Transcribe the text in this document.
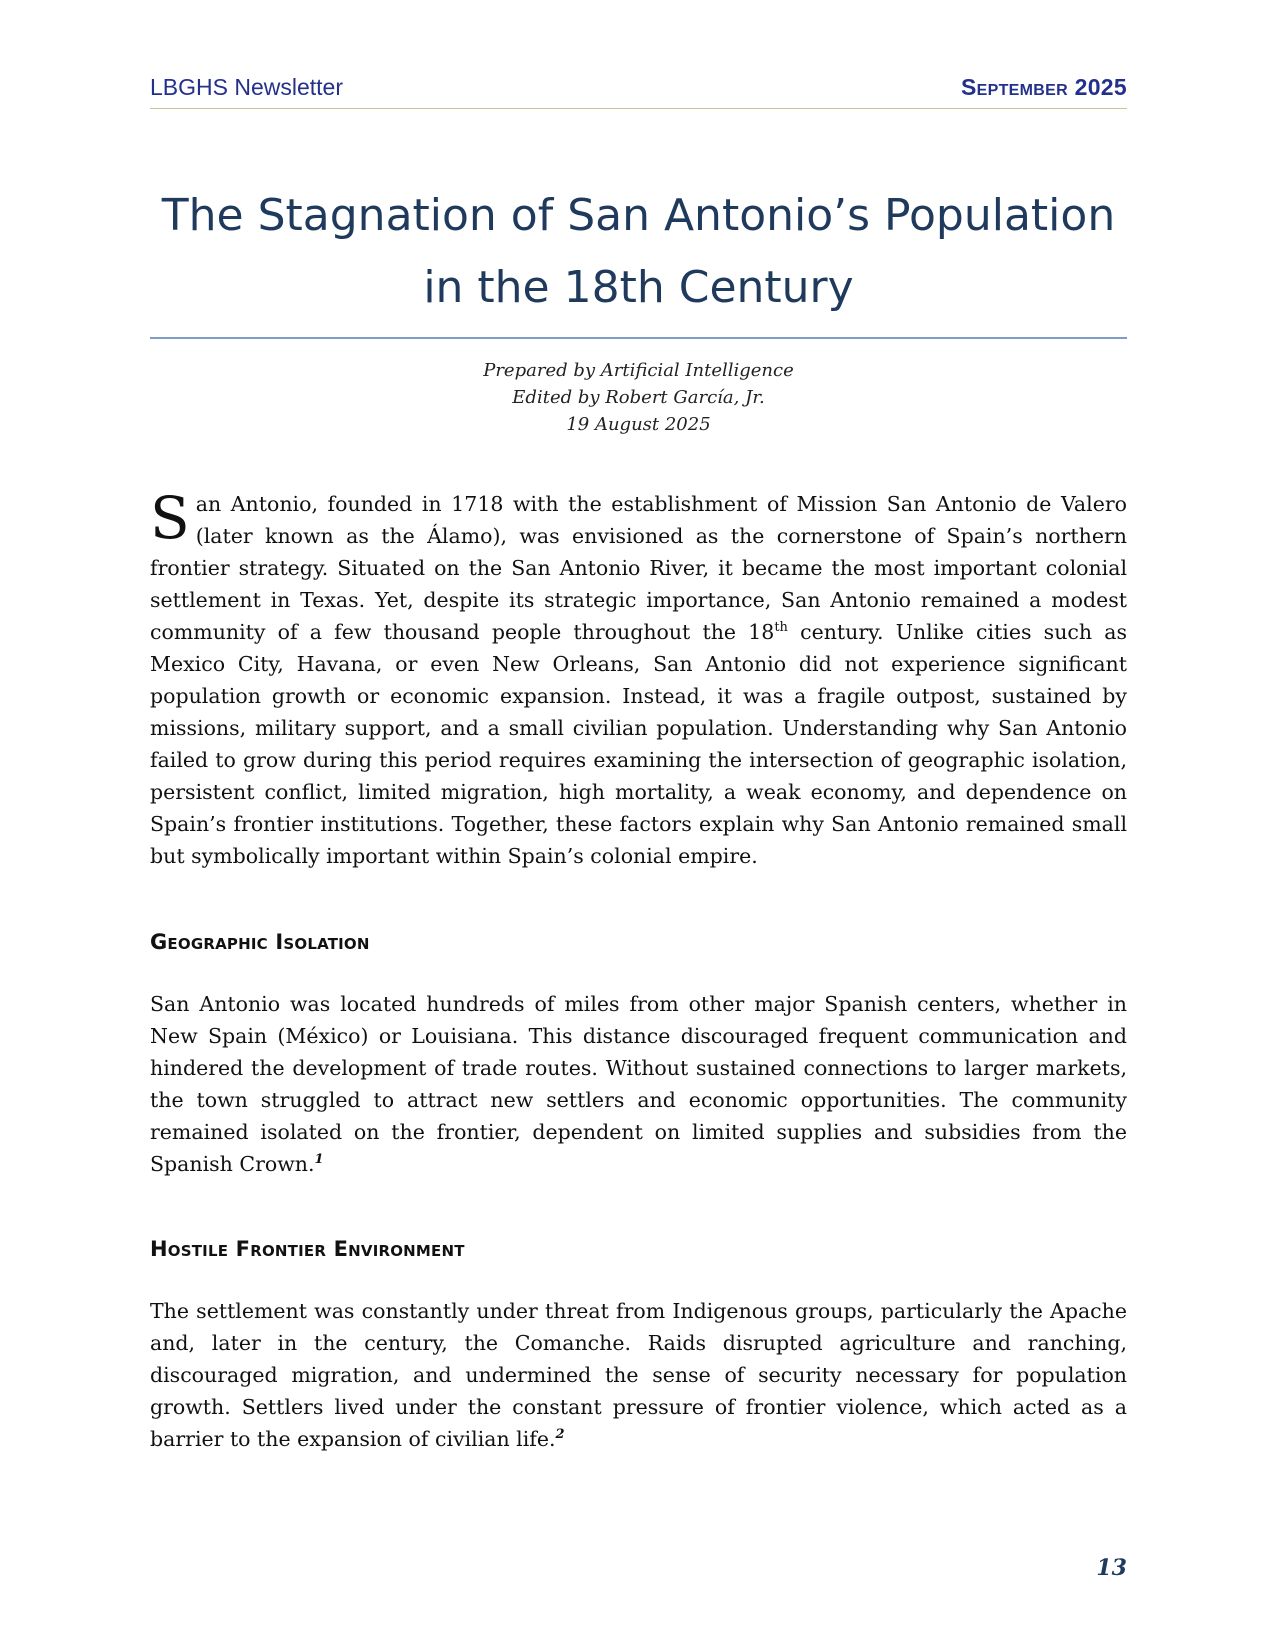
LBGHS Newsletter	September 2025
The Stagnation of San Antonio’s Population
in the 18th Century
Prepared by Artificial Intelligence
Edited by Robert García, Jr.
19 August 2025

San Antonio, founded in 1718 with the establishment of Mission San Antonio de Valero (later known as the Álamo), was envisioned as the cornerstone of Spain’s northern frontier strategy. Situated on the San Antonio River, it became the most important colonial settlement in Texas. Yet, despite its strategic importance, San Antonio remained a modest community of a few thousand people throughout the 18th century. Unlike cities such as Mexico City, Havana, or even New Orleans, San Antonio did not experience significant population growth or economic expansion. Instead, it was a fragile outpost, sustained by missions, military support, and a small civilian population. Understanding why San Antonio failed to grow during this period requires examining the intersection of geographic isolation, persistent conflict, limited migration, high mortality, a weak economy, and dependence on Spain’s frontier institutions. Together, these factors explain why San Antonio remained small but symbolically important within Spain’s colonial empire.

Geographic Isolation

San Antonio was located hundreds of miles from other major Spanish centers, whether in New Spain (México) or Louisiana. This distance discouraged frequent communication and hindered the development of trade routes. Without sustained connections to larger markets, the town struggled to attract new settlers and economic opportunities. The community remained isolated on the frontier, dependent on limited supplies and subsidies from the Spanish Crown.$^1$

Hostile Frontier Environment

The settlement was constantly under threat from Indigenous groups, particularly the Apache and, later in the century, the Comanche. Raids disrupted agriculture and ranching, discouraged migration, and undermined the sense of security necessary for population growth. Settlers lived under the constant pressure of frontier violence, which acted as a barrier to the expansion of civilian life.$^2$

13
